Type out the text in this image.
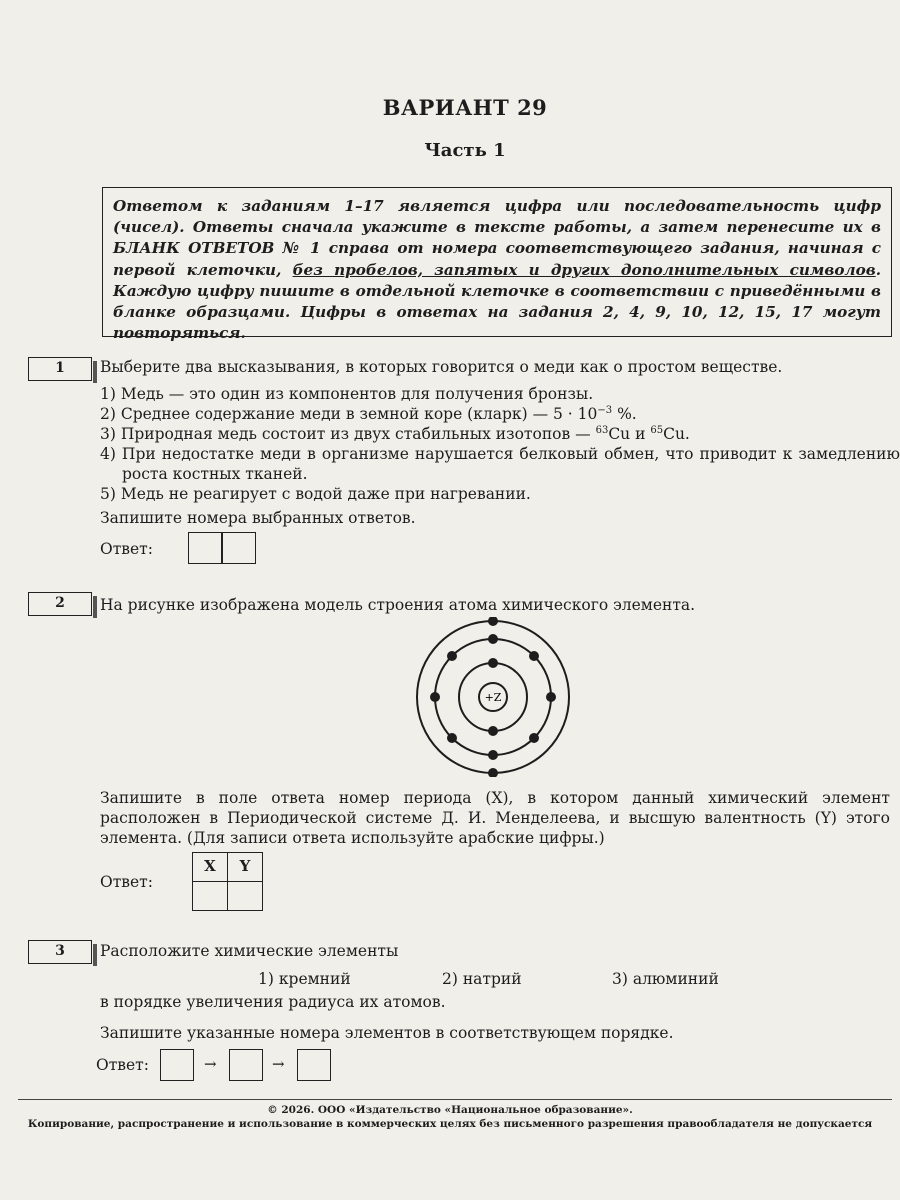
ВАРИАНТ 29
Часть 1
Ответом к заданиям 1–17 является цифра или последовательность цифр (чисел). Ответы сначала укажите в тексте работы, а затем перенесите их в БЛАНК ОТВЕТОВ № 1 справа от номера соответствующего задания, начиная с первой клеточки, без пробелов, запятых и других дополнительных символов. Каждую цифру пишите в отдельной клеточке в соответствии с приведёнными в бланке образцами. Цифры в ответах на задания 2, 4, 9, 10, 12, 15, 17 могут повторяться.
1	Выберите два высказывания, в которых говорится о меди как о простом веществе.
1) Медь — это один из компонентов для получения бронзы.
2) Среднее содержание меди в земной коре (кларк) — $5 \cdot 10^{-3}$ %.
3) Природная медь состоит из двух стабильных изотопов — $^{63}$Cu и $^{65}$Cu.
4) При недостатке меди в организме нарушается белковый обмен, что приводит к замедлению роста костных тканей.
5) Медь не реагирует с водой даже при нагревании.
Запишите номера выбранных ответов.
Ответ:
2	На рисунке изображена модель строения атома химического элемента.
+Z
Запишите в поле ответа номер периода (X), в котором данный химический элемент расположен в Периодической системе Д. И. Менделеева, и высшую валентность (Y) этого элемента. (Для записи ответа используйте арабские цифры.)
Ответ:
X	Y
3	Расположите химические элементы
1) кремний	2) натрий	3) алюминий
в порядке увеличения радиуса их атомов.
Запишите указанные номера элементов в соответствующем порядке.
Ответ:	→	→
© 2026. ООО «Издательство «Национальное образование».
Копирование, распространение и использование в коммерческих целях без письменного разрешения правообладателя не допускается
